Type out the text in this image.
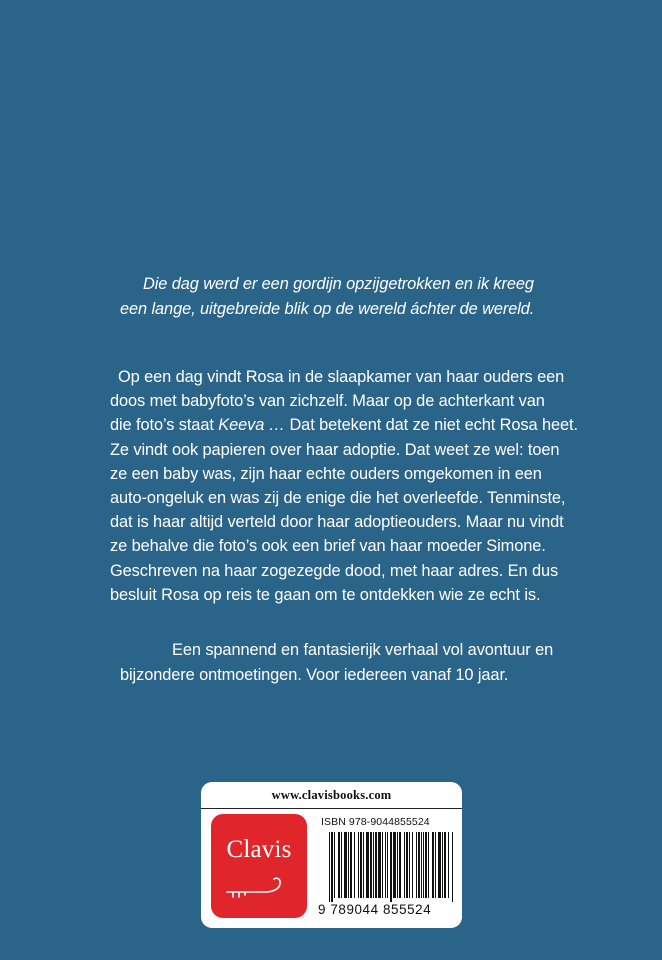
Die dag werd er een gordijn opzijgetrokken en ik kreeg
een lange, uitgebreide blik op de wereld áchter de wereld.
Op een dag vindt Rosa in de slaapkamer van haar ouders een
doos met babyfoto’s van zichzelf. Maar op de achterkant van
die foto’s staat Keeva … Dat betekent dat ze niet echt Rosa heet.
Ze vindt ook papieren over haar adoptie. Dat weet ze wel: toen
ze een baby was, zijn haar echte ouders omgekomen in een
auto-ongeluk en was zij de enige die het overleefde. Tenminste,
dat is haar altijd verteld door haar adoptieouders. Maar nu vindt
ze behalve die foto’s ook een brief van haar moeder Simone.
Geschreven na haar zogezegde dood, met haar adres. En dus
besluit Rosa op reis te gaan om te ontdekken wie ze echt is.
Een spannend en fantasierijk verhaal vol avontuur en
bijzondere ontmoetingen. Voor iedereen vanaf 10 jaar.
www.clavisbooks.com
Clavis
ISBN 978-9044855524
9 789044 855524
